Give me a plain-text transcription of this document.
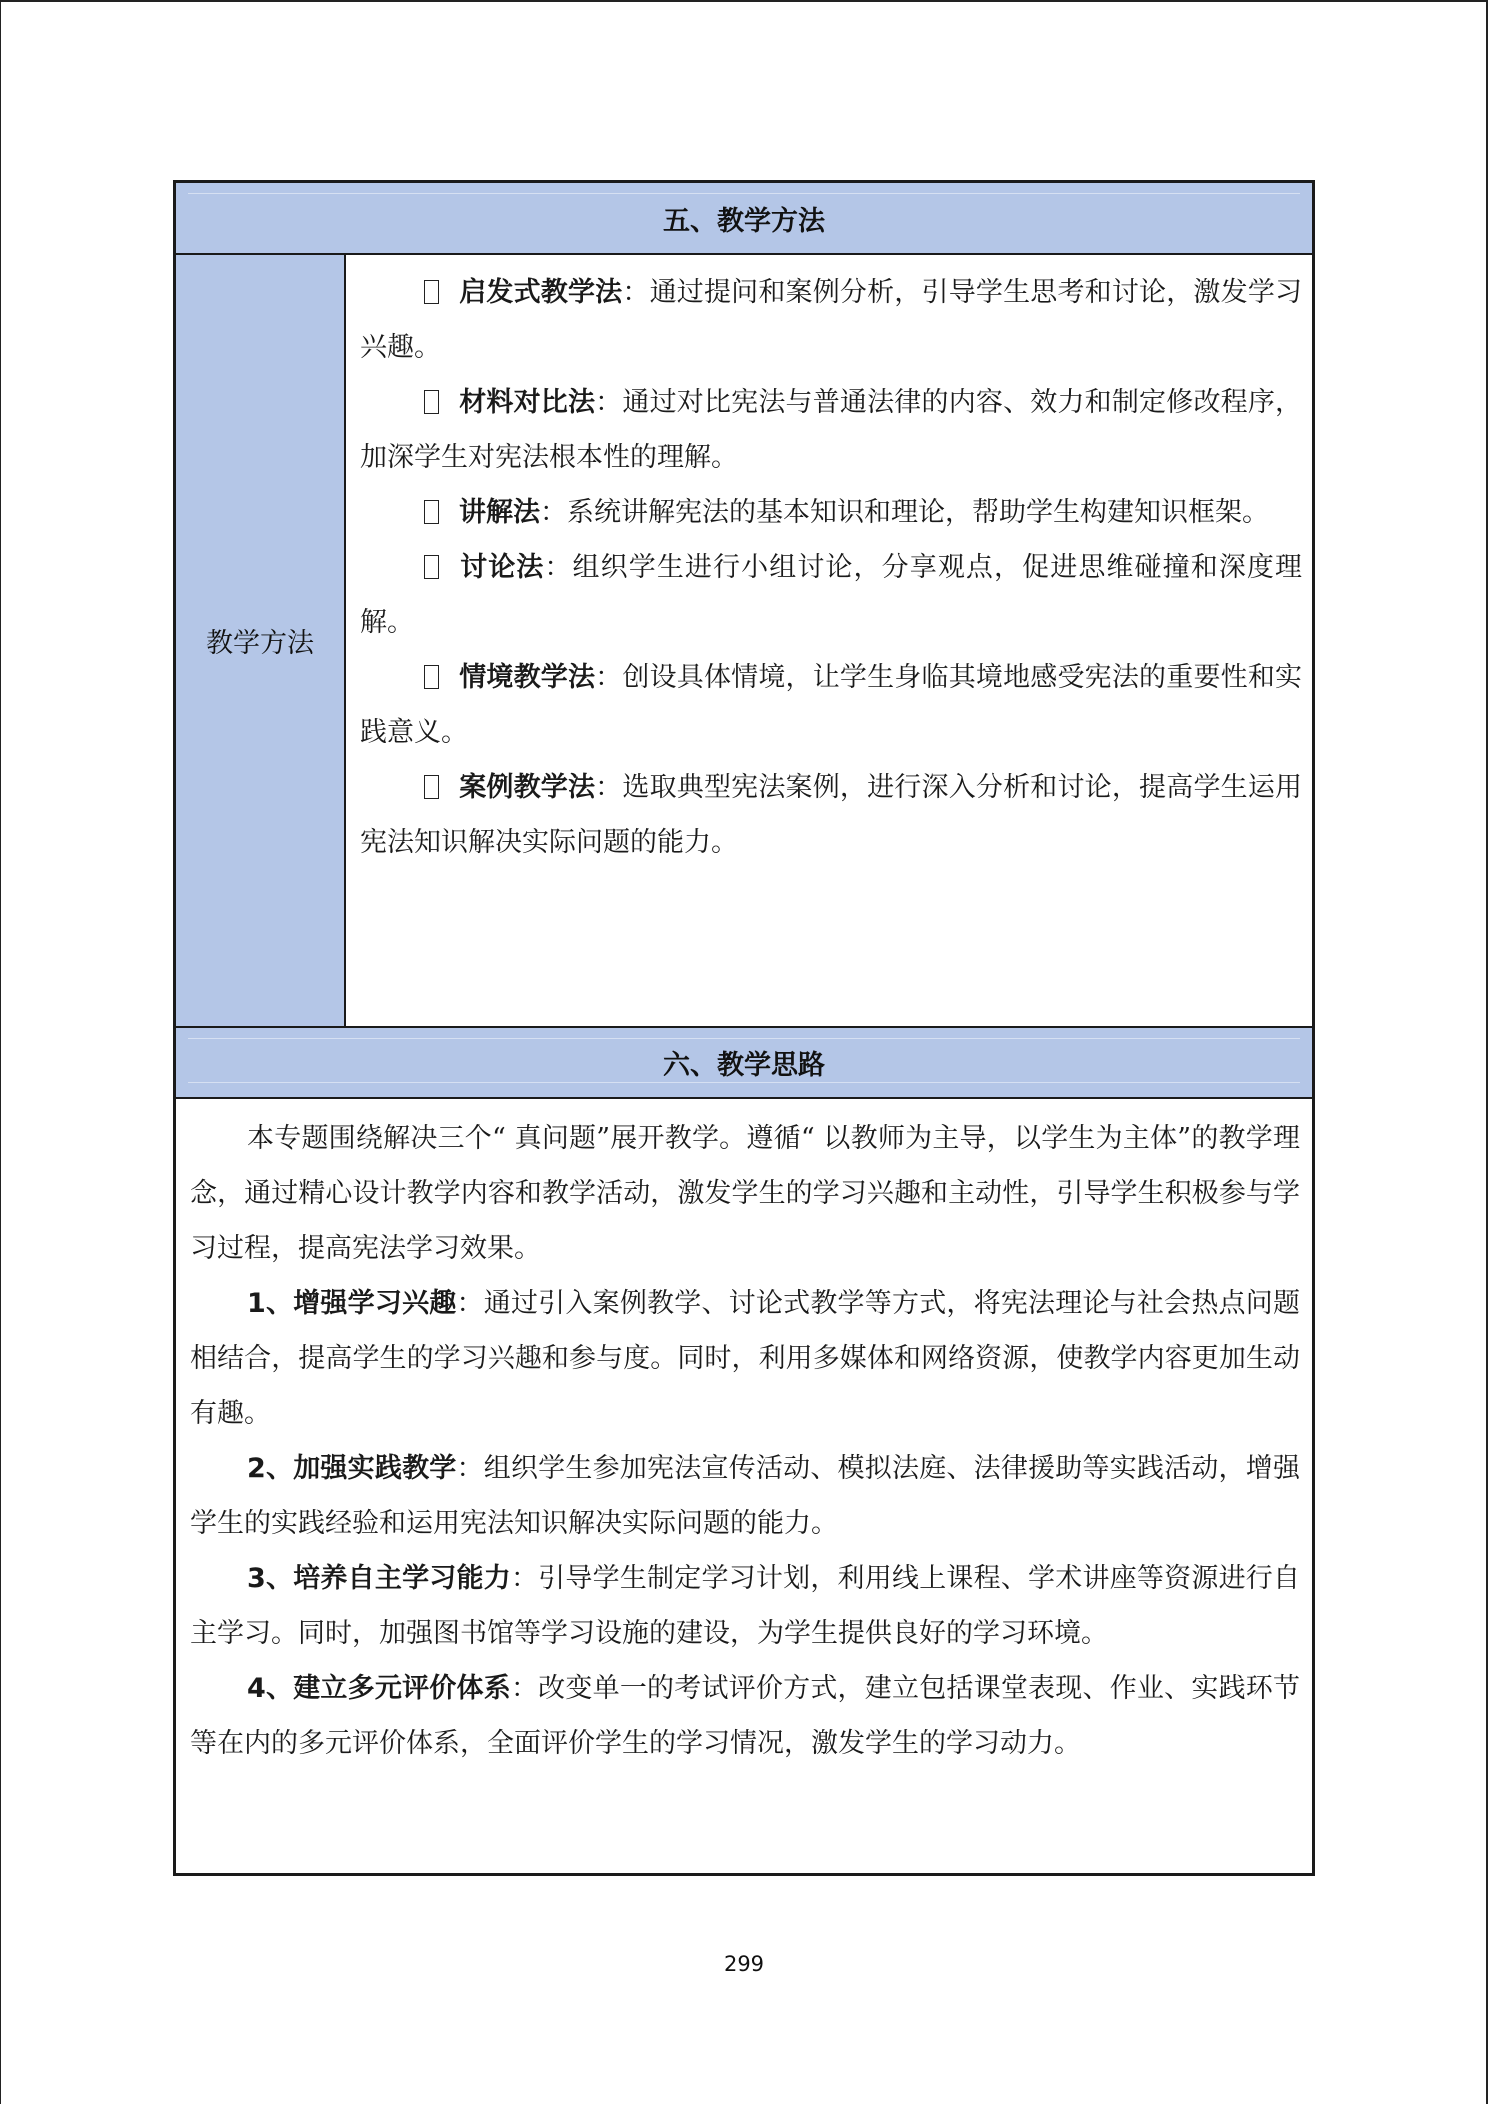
五、教学方法
教学方法

启发式教学法：通过提问和案例分析，引导学生思考和讨论，激发学习兴趣。

材料对比法：通过对比宪法与普通法律的内容、效力和制定修改程序，加深学生对宪法根本性的理解。

讲解法：系统讲解宪法的基本知识和理论，帮助学生构建知识框架。

讨论法：组织学生进行小组讨论，分享观点，促进思维碰撞和深度理解。

情境教学法：创设具体情境，让学生身临其境地感受宪法的重要性和实践意义。

案例教学法：选取典型宪法案例，进行深入分析和讨论，提高学生运用宪法知识解决实际问题的能力。

六、教学思路

本专题围绕解决三个“ 真问题”展开教学。遵循“ 以教师为主导，以学生为主体”的教学理念，通过精心设计教学内容和教学活动，激发学生的学习兴趣和主动性，引导学生积极参与学习过程，提高宪法学习效果。

1、增强学习兴趣：通过引入案例教学、讨论式教学等方式，将宪法理论与社会热点问题相结合，提高学生的学习兴趣和参与度。同时，利用多媒体和网络资源，使教学内容更加生动有趣。

2、加强实践教学：组织学生参加宪法宣传活动、模拟法庭、法律援助等实践活动，增强学生的实践经验和运用宪法知识解决实际问题的能力。

3、培养自主学习能力：引导学生制定学习计划，利用线上课程、学术讲座等资源进行自主学习。同时，加强图书馆等学习设施的建设，为学生提供良好的学习环境。

4、建立多元评价体系：改变单一的考试评价方式，建立包括课堂表现、作业、实践环节等在内的多元评价体系，全面评价学生的学习情况，激发学生的学习动力。

299
